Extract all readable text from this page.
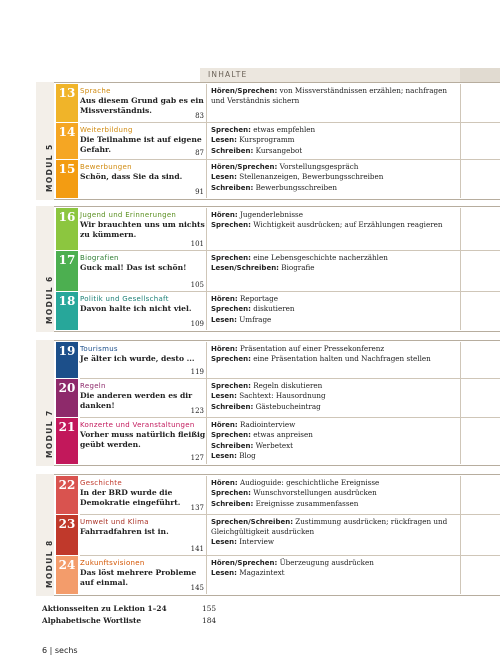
INHALTE
MODUL 5
13 Sprache
Aus diesem Grund gab es ein Missverständnis.
83
Hören/Sprechen: von Missverständnissen erzählen; nachfragen und Verständnis sichern
14 Weiterbildung
Die Teilnahme ist auf eigene Gefahr.	87
Sprechen: etwas empfehlen
Lesen: Kursprogramm
Schreiben: Kursangebot
15 Bewerbungen
Schön, dass Sie da sind.
91
Hören/Sprechen: Vorstellungsgespräch
Lesen: Stellenanzeigen, Bewerbungsschreiben
Schreiben: Bewerbungsschreiben
MODUL 6
16 Jugend und Erinnerungen
Wir brauchten uns um nichts zu kümmern.
101
Hören: Jugenderlebnisse
Sprechen: Wichtigkeit ausdrücken; auf Erzählungen reagieren
17 Biografien
Guck mal! Das ist schön!
105
Sprechen: eine Lebensgeschichte nacherzählen
Lesen/Schreiben: Biografie
18 Politik und Gesellschaft
Davon halte ich nicht viel.
109
Hören: Reportage
Sprechen: diskutieren
Lesen: Umfrage
MODUL 7
19 Tourismus
Je älter ich wurde, desto ...
119
Hören: Präsentation auf einer Pressekonferenz
Sprechen: eine Präsentation halten und Nachfragen stellen
20 Regeln
Die anderen werden es dir danken!
123
Sprechen: Regeln diskutieren
Lesen: Sachtext: Hausordnung
Schreiben: Gästebucheintrag
21 Konzerte und Veranstaltungen
Vorher muss natürlich fleißig geübt werden.
127
Hören: Radiointerview
Sprechen: etwas anpreisen
Schreiben: Werbetext
Lesen: Blog
MODUL 8
22 Geschichte
In der BRD wurde die Demokratie eingeführt.
137
Hören: Audioguide: geschichtliche Ereignisse
Sprechen: Wunschvorstellungen ausdrücken
Schreiben: Ereignisse zusammenfassen
23 Umwelt und Klima
Fahrradfahren ist in.
141
Sprechen/Schreiben: Zustimmung ausdrücken; rückfragen und Gleichgültigkeit ausdrücken
Lesen: Interview
24 Zukunftsvisionen
Das löst mehrere Probleme auf einmal.
145
Hören/Sprechen: Überzeugung ausdrücken
Lesen: Magazintext
Aktionsseiten zu Lektion 1–24	155
Alphabetische Wortliste	184
6 | sechs
